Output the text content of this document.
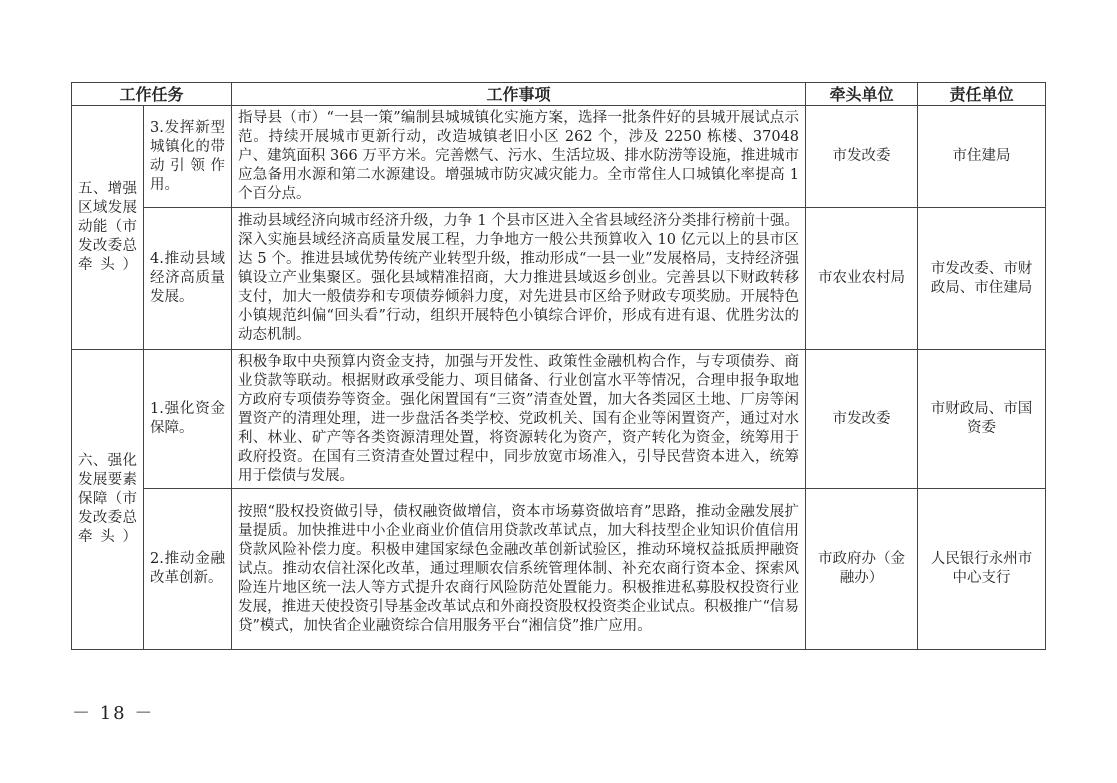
工作任务		工作事项	牵头单位	责任单位
五、增强区域发展动能（市发改委总牵头）	3.发挥新型城镇化的带动引领作用。	指导县（市）“一县一策”编制县城城镇化实施方案，选择一批条件好的县城开展试点示范。持续开展城市更新行动，改造城镇老旧小区 262 个，涉及 2250 栋楼、37048 户、建筑面积 366 万平方米。完善燃气、污水、生活垃圾、排水防涝等设施，推进城市应急备用水源和第二水源建设。增强城市防灾减灾能力。全市常住人口城镇化率提高 1 个百分点。	市发改委	市住建局
	4.推动县域经济高质量发展。	推动县域经济向城市经济升级，力争 1 个县市区进入全省县域经济分类排行榜前十强。深入实施县域经济高质量发展工程，力争地方一般公共预算收入 10 亿元以上的县市区达 5 个。推进县域优势传统产业转型升级，推动形成“一县一业”发展格局，支持经济强镇设立产业集聚区。强化县域精准招商，大力推进县域返乡创业。完善县以下财政转移支付，加大一般债券和专项债券倾斜力度，对先进县市区给予财政专项奖励。开展特色小镇规范纠偏“回头看”行动，组织开展特色小镇综合评价，形成有进有退、优胜劣汰的动态机制。	市农业农村局	市发改委、市财政局、市住建局
六、强化发展要素保障（市发改委总牵头）	1.强化资金保障。	积极争取中央预算内资金支持，加强与开发性、政策性金融机构合作，与专项债券、商业贷款等联动。根据财政承受能力、项目储备、行业创富水平等情况，合理申报争取地方政府专项债券等资金。强化闲置国有“三资”清查处置，加大各类园区土地、厂房等闲置资产的清理处理，进一步盘活各类学校、党政机关、国有企业等闲置资产，通过对水利、林业、矿产等各类资源清理处置，将资源转化为资产，资产转化为资金，统筹用于政府投资。在国有三资清查处置过程中，同步放宽市场准入，引导民营资本进入，统筹用于偿债与发展。	市发改委	市财政局、市国资委
	2.推动金融改革创新。	按照“股权投资做引导，债权融资做增信，资本市场募资做培育”思路，推动金融发展扩量提质。加快推进中小企业商业价值信用贷款改革试点，加大科技型企业知识价值信用贷款风险补偿力度。积极申建国家绿色金融改革创新试验区，推动环境权益抵质押融资试点。推动农信社深化改革，通过理顺农信系统管理体制、补充农商行资本金、探索风险连片地区统一法人等方式提升农商行风险防范处置能力。积极推进私募股权投资行业发展，推进天使投资引导基金改革试点和外商投资股权投资类企业试点。积极推广“信易贷”模式，加快省企业融资综合信用服务平台“湘信贷”推广应用。	市政府办（金融办）	人民银行永州市中心支行
－ 18 －
